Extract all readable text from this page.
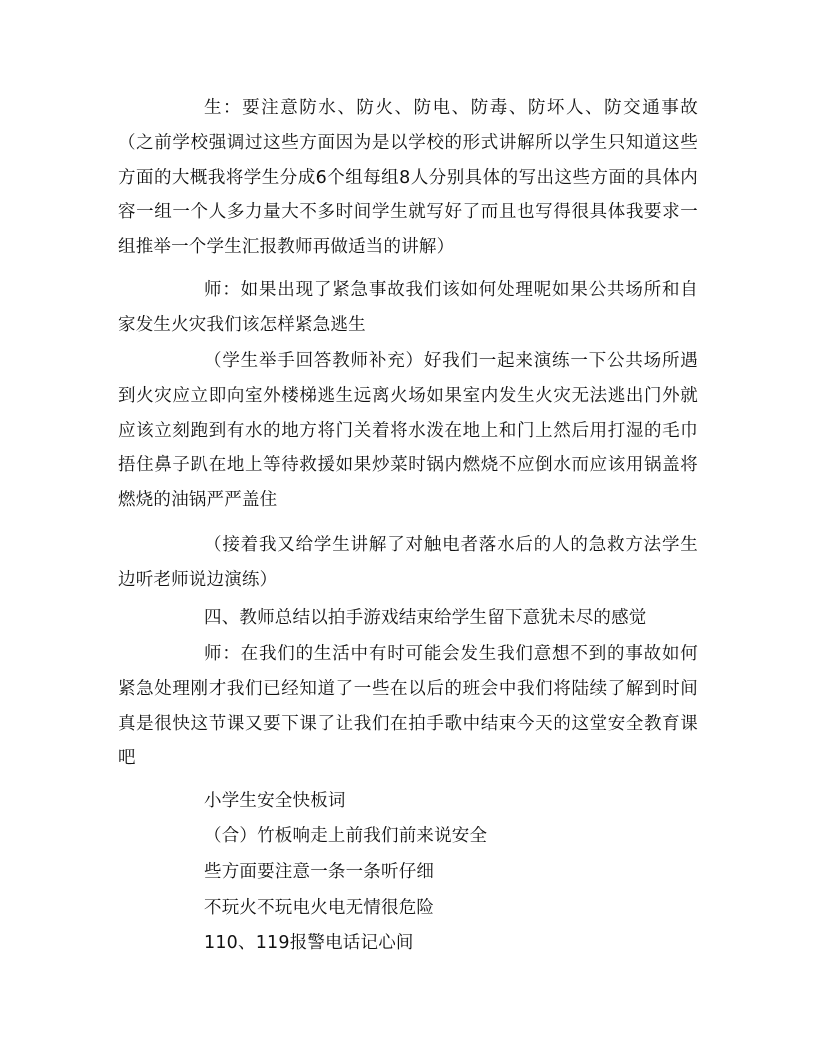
生：要注意防水、防火、防电、防毒、防坏人、防交通事故（之前学校强调过这些方面因为是以学校的形式讲解所以学生只知道这些方面的大概我将学生分成6个组每组8人分别具体的写出这些方面的具体内容一组一个人多力量大不多时间学生就写好了而且也写得很具体我要求一组推举一个学生汇报教师再做适当的讲解）

师：如果出现了紧急事故我们该如何处理呢如果公共场所和自家发生火灾我们该怎样紧急逃生

（学生举手回答教师补充）好我们一起来演练一下公共场所遇到火灾应立即向室外楼梯逃生远离火场如果室内发生火灾无法逃出门外就应该立刻跑到有水的地方将门关着将水泼在地上和门上然后用打湿的毛巾捂住鼻子趴在地上等待救援如果炒菜时锅内燃烧不应倒水而应该用锅盖将燃烧的油锅严严盖住

（接着我又给学生讲解了对触电者落水后的人的急救方法学生边听老师说边演练）

四、教师总结以拍手游戏结束给学生留下意犹未尽的感觉

师：在我们的生活中有时可能会发生我们意想不到的事故如何紧急处理刚才我们已经知道了一些在以后的班会中我们将陆续了解到时间真是很快这节课又要下课了让我们在拍手歌中结束今天的这堂安全教育课吧

小学生安全快板词

（合）竹板响走上前我们前来说安全

些方面要注意一条一条听仔细

不玩火不玩电火电无情很危险

110、119报警电话记心间
